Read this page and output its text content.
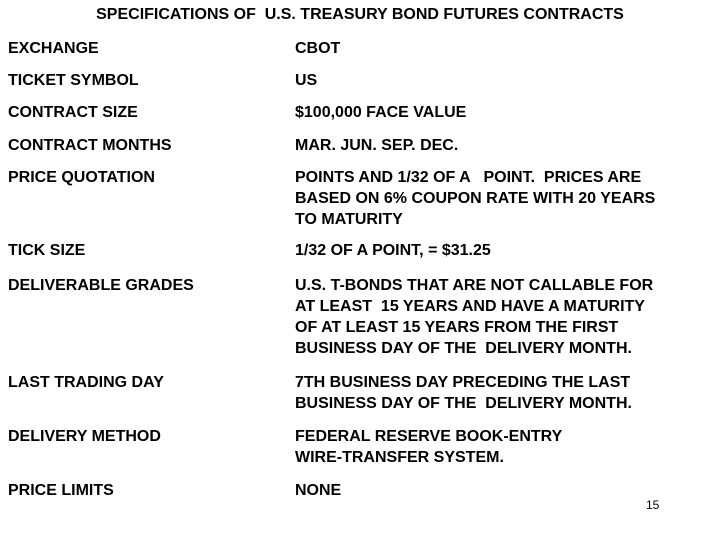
SPECIFICATIONS OF  U.S. TREASURY BOND FUTURES CONTRACTS
EXCHANGE	CBOT
TICKET SYMBOL	US
CONTRACT SIZE	$100,000 FACE VALUE
CONTRACT MONTHS	MAR. JUN. SEP. DEC.
PRICE QUOTATION	POINTS AND 1/32 OF A   POINT.  PRICES ARE
BASED ON 6% COUPON RATE WITH 20 YEARS
TO MATURITY
TICK SIZE	1/32 OF A POINT, = $31.25
DELIVERABLE GRADES	U.S. T-BONDS THAT ARE NOT CALLABLE FOR
AT LEAST  15 YEARS AND HAVE A MATURITY
OF AT LEAST 15 YEARS FROM THE FIRST
BUSINESS DAY OF THE  DELIVERY MONTH.
LAST TRADING DAY	7TH BUSINESS DAY PRECEDING THE LAST
BUSINESS DAY OF THE  DELIVERY MONTH.
DELIVERY METHOD	FEDERAL RESERVE BOOK-ENTRY
WIRE-TRANSFER SYSTEM.
PRICE LIMITS	NONE
15
